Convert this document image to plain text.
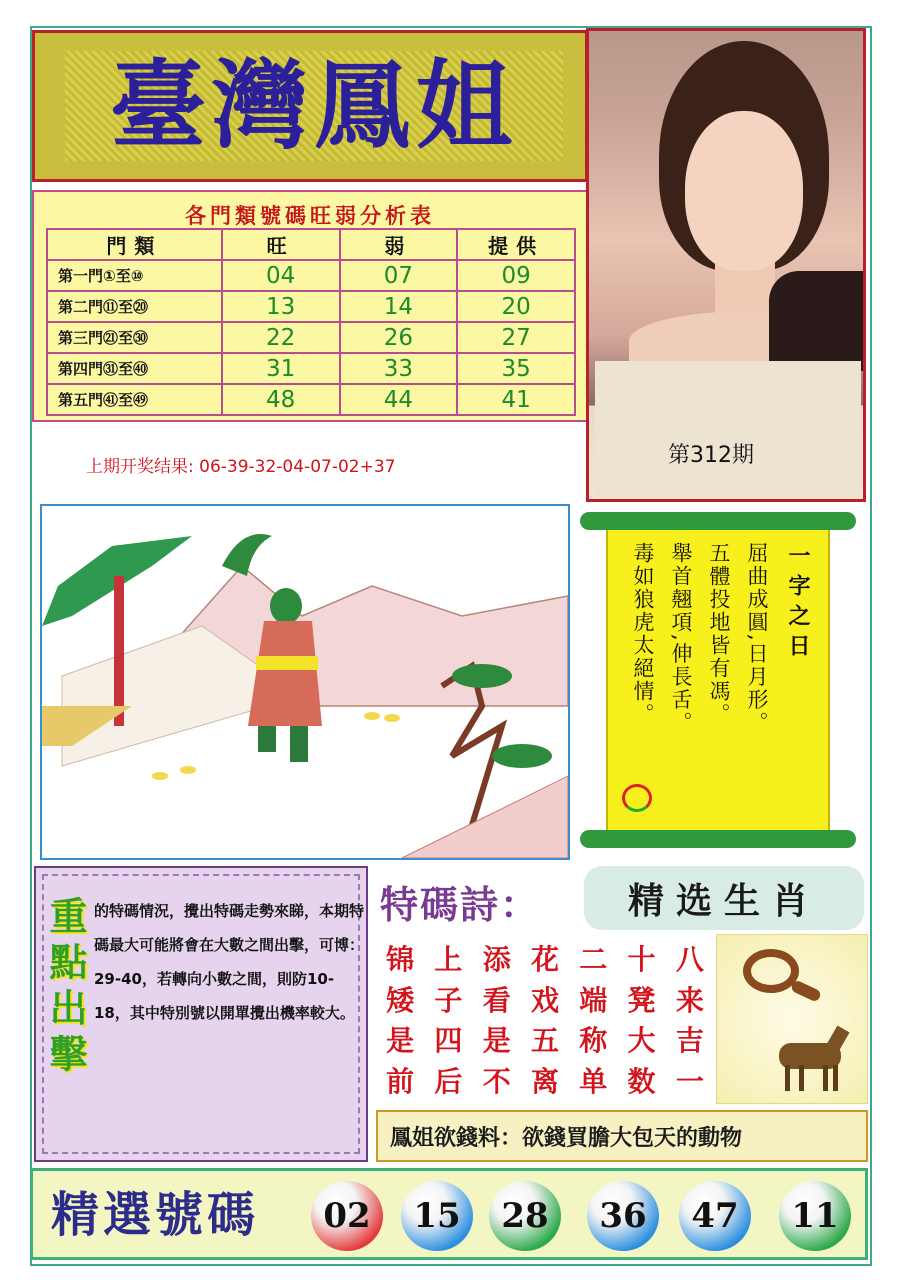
臺灣鳳姐
各門類號碼旺弱分析表
門類	旺	弱	提供
第一門①至⑩	04	07	09
第二門⑪至⑳	13	14	20
第三門㉑至㉚	22	26	27
第四門㉛至㊵	31	33	35
第五門㊶至㊾	48	44	41
上期开奖结果: 06-39-32-04-07-02+37	第312期
一字之日
屈曲成圓,日月形。
五體投地皆有馮。
舉首翹項,伸長舌。
毒如狼虎太絕情。
重點出擊 的特碼情況，攪出特碼走勢來睇，本期特碼最大可能將會在大數之間出擊，可博：29-40，若轉向小數之間，則防10-18，其中特別號以開單攪出機率較大。
特碼詩：	精选生肖
锦 上 添 花 二 十 八
矮 子 看 戏 端 凳 来
是 四 是 五 称 大 吉
前 后 不 离 单 数 一
鳳姐欲錢料：欲錢買膽大包天的動物
精選號碼	02	15	28	36	47	11
